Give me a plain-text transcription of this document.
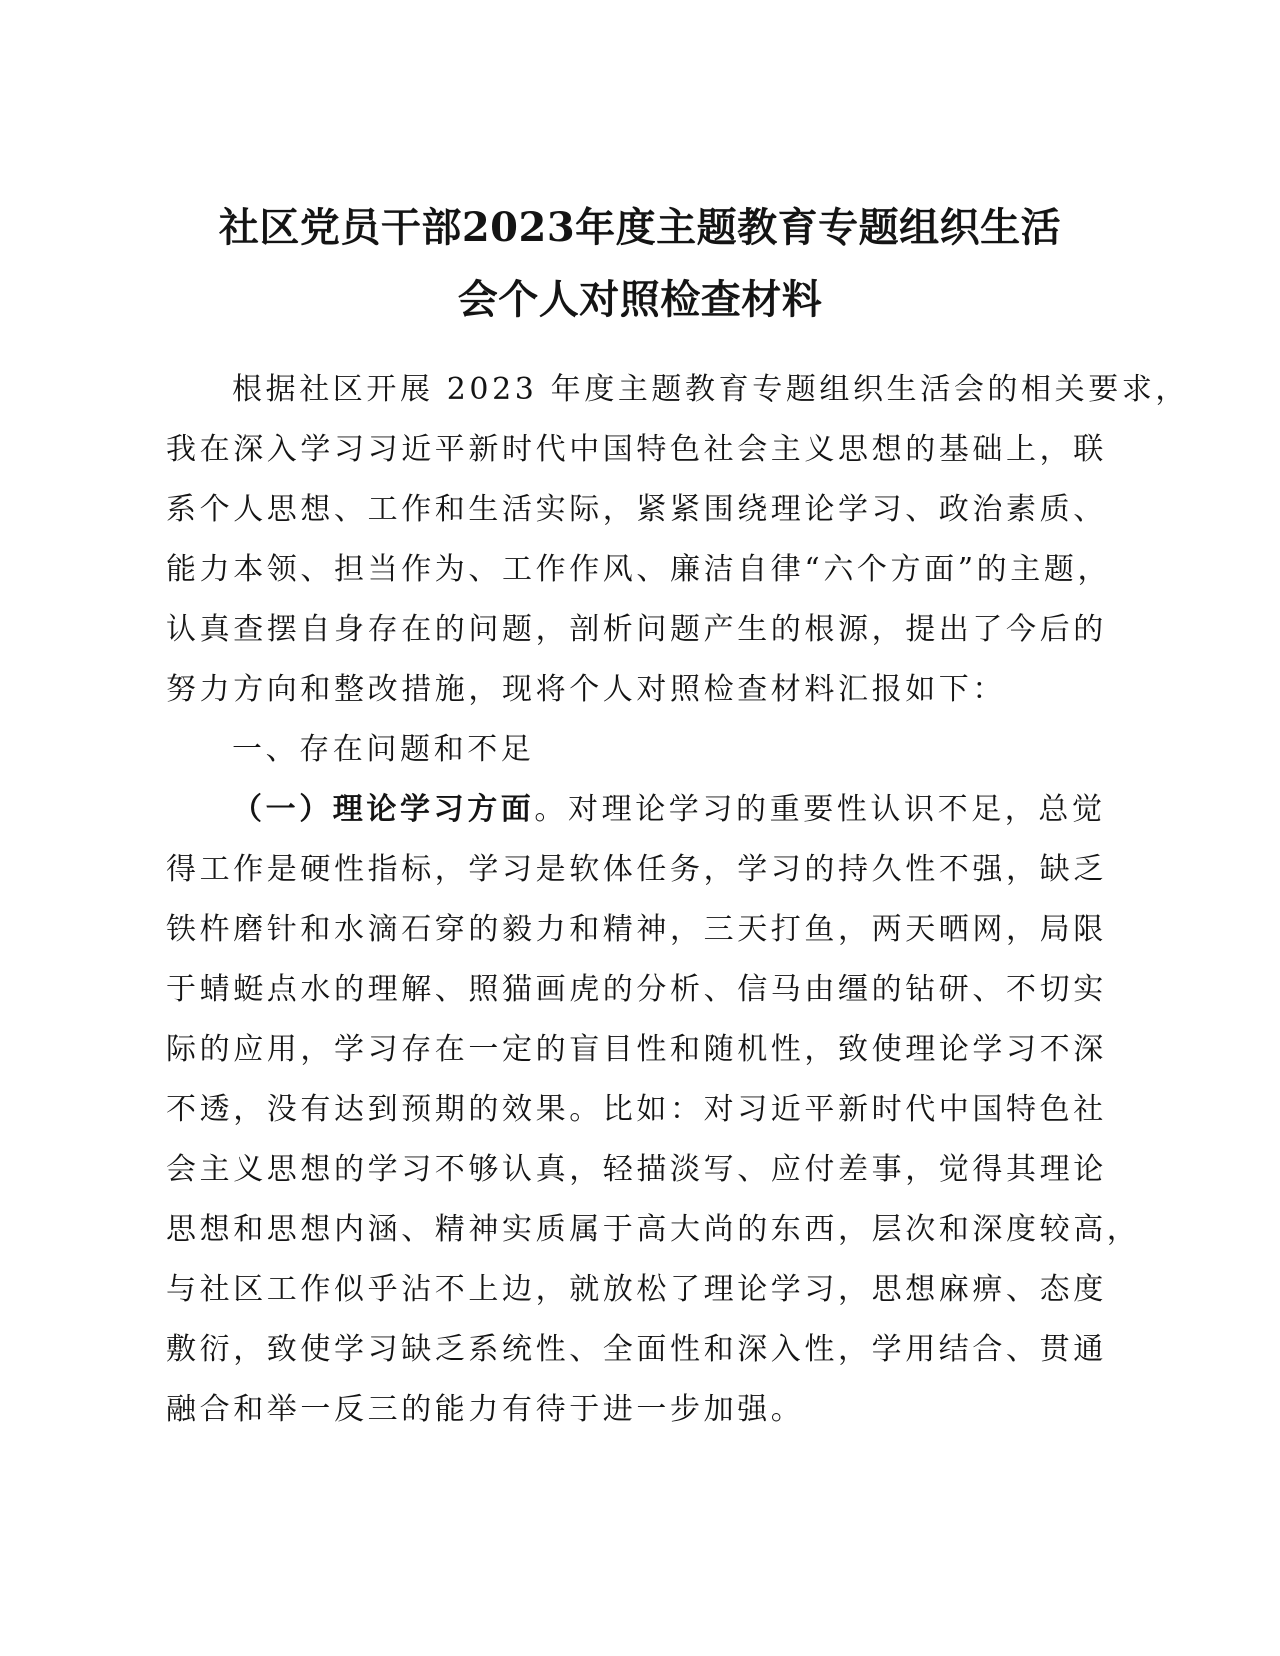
社区党员干部2023年度主题教育专题组织生活
会个人对照检查材料
根据社区开展 2023 年度主题教育专题组织生活会的相关要求，
我在深入学习习近平新时代中国特色社会主义思想的基础上，联
系个人思想、工作和生活实际，紧紧围绕理论学习、政治素质、
能力本领、担当作为、工作作风、廉洁自律“六个方面”的主题，
认真查摆自身存在的问题，剖析问题产生的根源，提出了今后的
努力方向和整改措施，现将个人对照检查材料汇报如下：
一、存在问题和不足
（一）理论学习方面。对理论学习的重要性认识不足，总觉
得工作是硬性指标，学习是软体任务，学习的持久性不强，缺乏
铁杵磨针和水滴石穿的毅力和精神，三天打鱼，两天晒网，局限
于蜻蜓点水的理解、照猫画虎的分析、信马由缰的钻研、不切实
际的应用，学习存在一定的盲目性和随机性，致使理论学习不深
不透，没有达到预期的效果。比如：对习近平新时代中国特色社
会主义思想的学习不够认真，轻描淡写、应付差事，觉得其理论
思想和思想内涵、精神实质属于高大尚的东西，层次和深度较高，
与社区工作似乎沾不上边，就放松了理论学习，思想麻痹、态度
敷衍，致使学习缺乏系统性、全面性和深入性，学用结合、贯通
融合和举一反三的能力有待于进一步加强。
